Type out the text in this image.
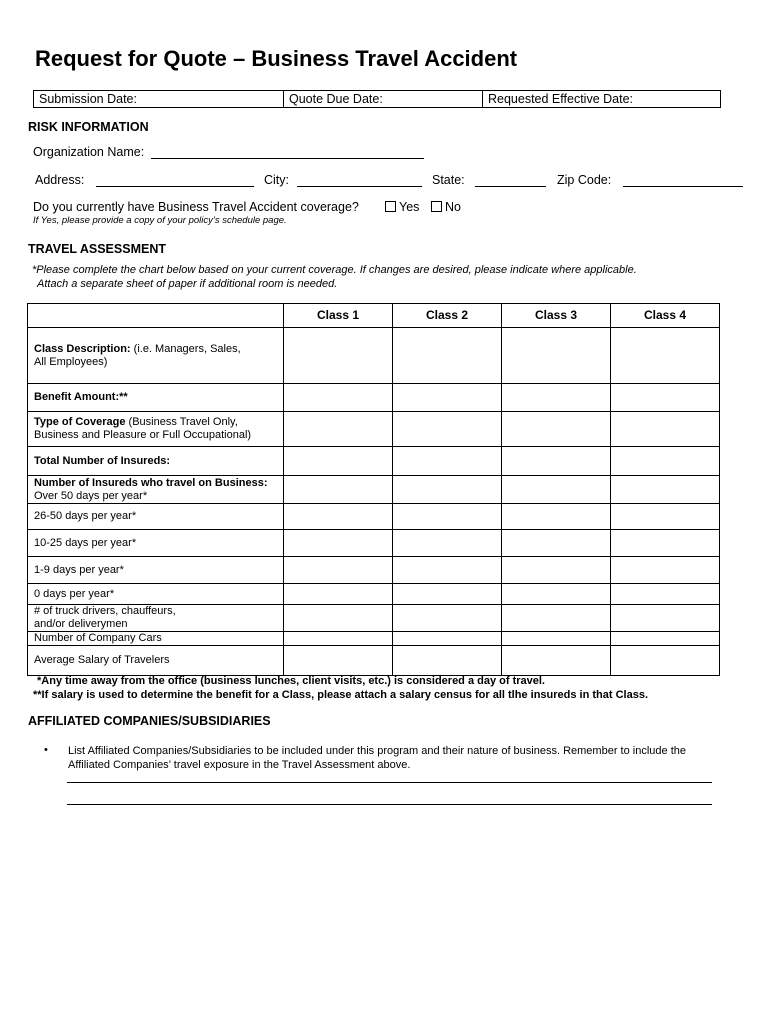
Request for Quote – Business Travel Accident
Submission Date:	Quote Due Date:	Requested Effective Date:
RISK INFORMATION
Organization Name:
Address:	City:	State:	Zip Code:
Do you currently have Business Travel Accident coverage?	Yes	No
If Yes, please provide a copy of your policy’s schedule page.
TRAVEL ASSESSMENT
*Please complete the chart below based on your current coverage. If changes are desired, please indicate where applicable.
Attach a separate sheet of paper if additional room is needed.
	Class 1	Class 2	Class 3	Class 4

Class Description: (i.e. Managers, Sales,
All Employees)				

Benefit Amount:**				

Type of Coverage (Business Travel Only,
Business and Pleasure or Full Occupational)				

Total Number of Insureds:				

Number of Insureds who travel on Business:
Over 50 days per year*				

26-50 days per year*				

10-25 days per year*				

1-9 days per year*				

0 days per year*				

# of truck drivers, chauffeurs,
and/or deliverymen				

Number of Company Cars				

Average Salary of Travelers				

*Any time away from the office (business lunches, client visits, etc.) is considered a day of travel.
**If salary is used to determine the benefit for a Class, please attach a salary census for all tlhe insureds in that Class.
AFFILIATED COMPANIES/SUBSIDIARIES
• List Affiliated Companies/Subsidiaries to be included under this program and their nature of business. Remember to include the
Affiliated Companies’ travel exposure in the Travel Assessment above.
